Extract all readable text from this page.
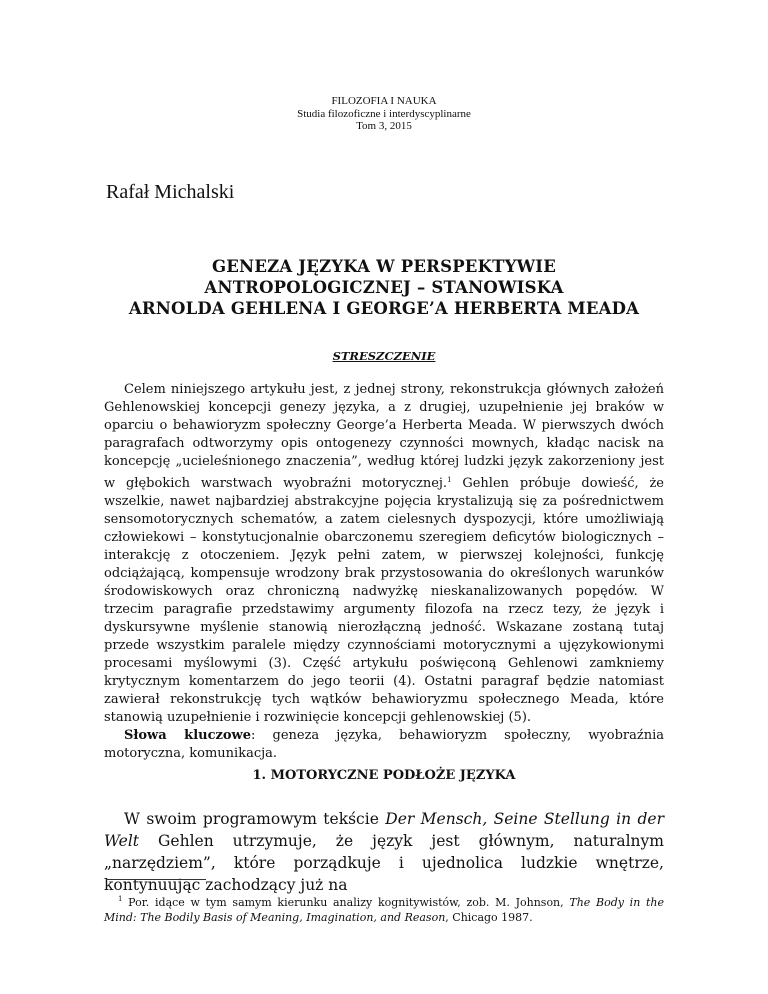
FILOZOFIA I NAUKA
Studia filozoficzne i interdyscyplinarne
Tom 3, 2015
Rafał Michalski
GENEZA JĘZYKA W PERSPEKTYWIE
ANTROPOLOGICZNEJ – STANOWISKA
ARNOLDA GEHLENA I GEORGE’A HERBERTA MEADA
STRESZCZENIE

Celem niniejszego artykułu jest, z jednej strony, rekonstrukcja głównych założeń Gehlenowskiej koncepcji genezy języka, a z drugiej, uzupełnienie jej braków w oparciu o behawioryzm społeczny George’a Herberta Meada. W pierwszych dwóch paragrafach odtworzymy opis ontogenezy czynności mownych, kładąc nacisk na koncepcję „ucieleśnionego znaczenia”, według której ludzki język zakorzeniony jest w głębokich warstwach wyobraźni motorycznej.$^1$ Gehlen próbuje dowieść, że wszelkie, nawet najbardziej abstrakcyjne pojęcia krystalizują się za pośrednictwem sensomotorycznych schematów, a zatem cielesnych dyspozycji, które umożliwiają człowiekowi – konstytucjonalnie obarczonemu szeregiem deficytów biologicznych – interakcję z otoczeniem. Język pełni zatem, w pierwszej kolejności, funkcję odciążającą, kompensuje wrodzony brak przystosowania do określonych warunków środowiskowych oraz chroniczną nadwyżkę nieskanalizowanych popędów. W trzecim paragrafie przedstawimy argumenty filozofa na rzecz tezy, że język i dyskursywne myślenie stanowią nierozłączną jedność. Wskazane zostaną tutaj przede wszystkim paralele między czynnościami motorycznymi a ujęzykowionymi procesami myślowymi (3). Część artykułu poświęconą Gehlenowi zamkniemy krytycznym komentarzem do jego teorii (4). Ostatni paragraf będzie natomiast zawierał rekonstrukcję tych wątków behawioryzmu społecznego Meada, które stanowią uzupełnienie i rozwinięcie koncepcji gehlenowskiej (5).

Słowa kluczowe: geneza języka, behawioryzm społeczny, wyobraźnia motoryczna, komunikacja.

1. MOTORYCZNE PODŁOŻE JĘZYKA

W swoim programowym tekście Der Mensch, Seine Stellung in der Welt Gehlen utrzymuje, że język jest głównym, naturalnym „narzędziem”, które porządkuje i ujednolica ludzkie wnętrze, kontynuując zachodzący już na

$^1$ Por. idące w tym samym kierunku analizy kognitywistów, zob. M. Johnson, The Body in the Mind: The Bodily Basis of Meaning, Imagination, and Reason, Chicago 1987.
